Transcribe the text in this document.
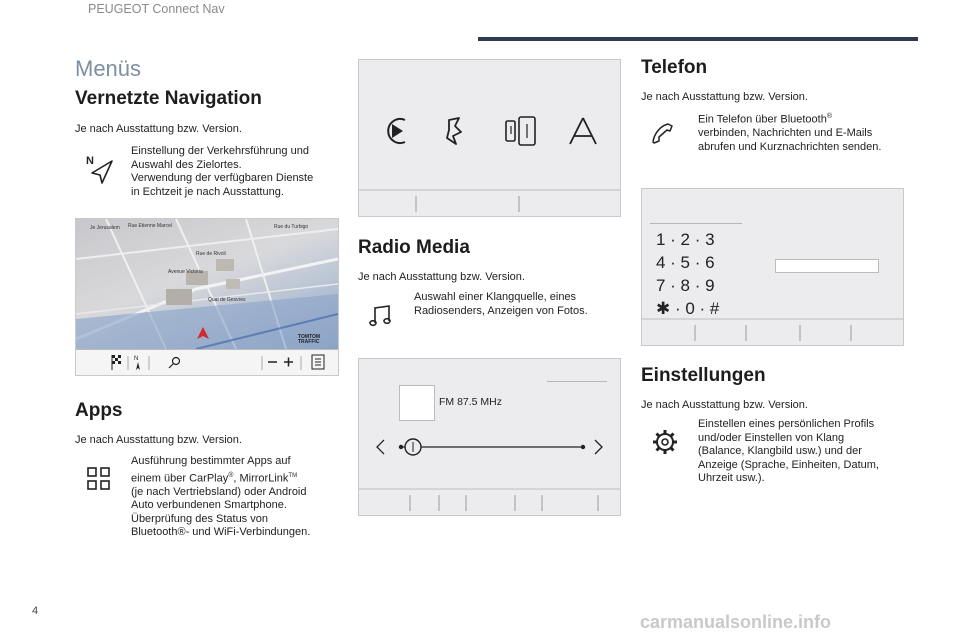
PEUGEOT Connect Nav
Menüs
Vernetzte Navigation
Je nach Ausstattung bzw. Version.
N
Einstellung der Verkehrsführung und
Auswahl des Zielortes.
Verwendung der verfügbaren Dienste
in Echtzeit je nach Ausstattung.
Je Jerusalem Rue Etienne Marcel	Rue du Turbigo
Rue de Rivoli
Avenue Victoria
Quai de Gesvres
TOMTOM
TRAFFIC
N
Apps
Je nach Ausstattung bzw. Version.
Ausführung bestimmter Apps auf
einem über CarPlay®, MirrorLink™
(je nach Vertriebsland) oder Android
Auto verbundenen Smartphone.
Überprüfung des Status von
Bluetooth®- und WiFi-Verbindungen.
Radio Media
Je nach Ausstattung bzw. Version.
Auswahl einer Klangquelle, eines
Radiosenders, Anzeigen von Fotos.
FM 87.5 MHz
Telefon
Je nach Ausstattung bzw. Version.
Ein Telefon über Bluetooth®
verbinden, Nachrichten und E-Mails
abrufen und Kurznachrichten senden.
1 · 2 · 3
4 · 5 · 6
7 · 8 · 9
✱ · 0 · #
Einstellungen
Je nach Ausstattung bzw. Version.
Einstellen eines persönlichen Profils
und/oder Einstellen von Klang
(Balance, Klangbild usw.) und der
Anzeige (Sprache, Einheiten, Datum,
Uhrzeit usw.).
4
carmanualsonline.info
